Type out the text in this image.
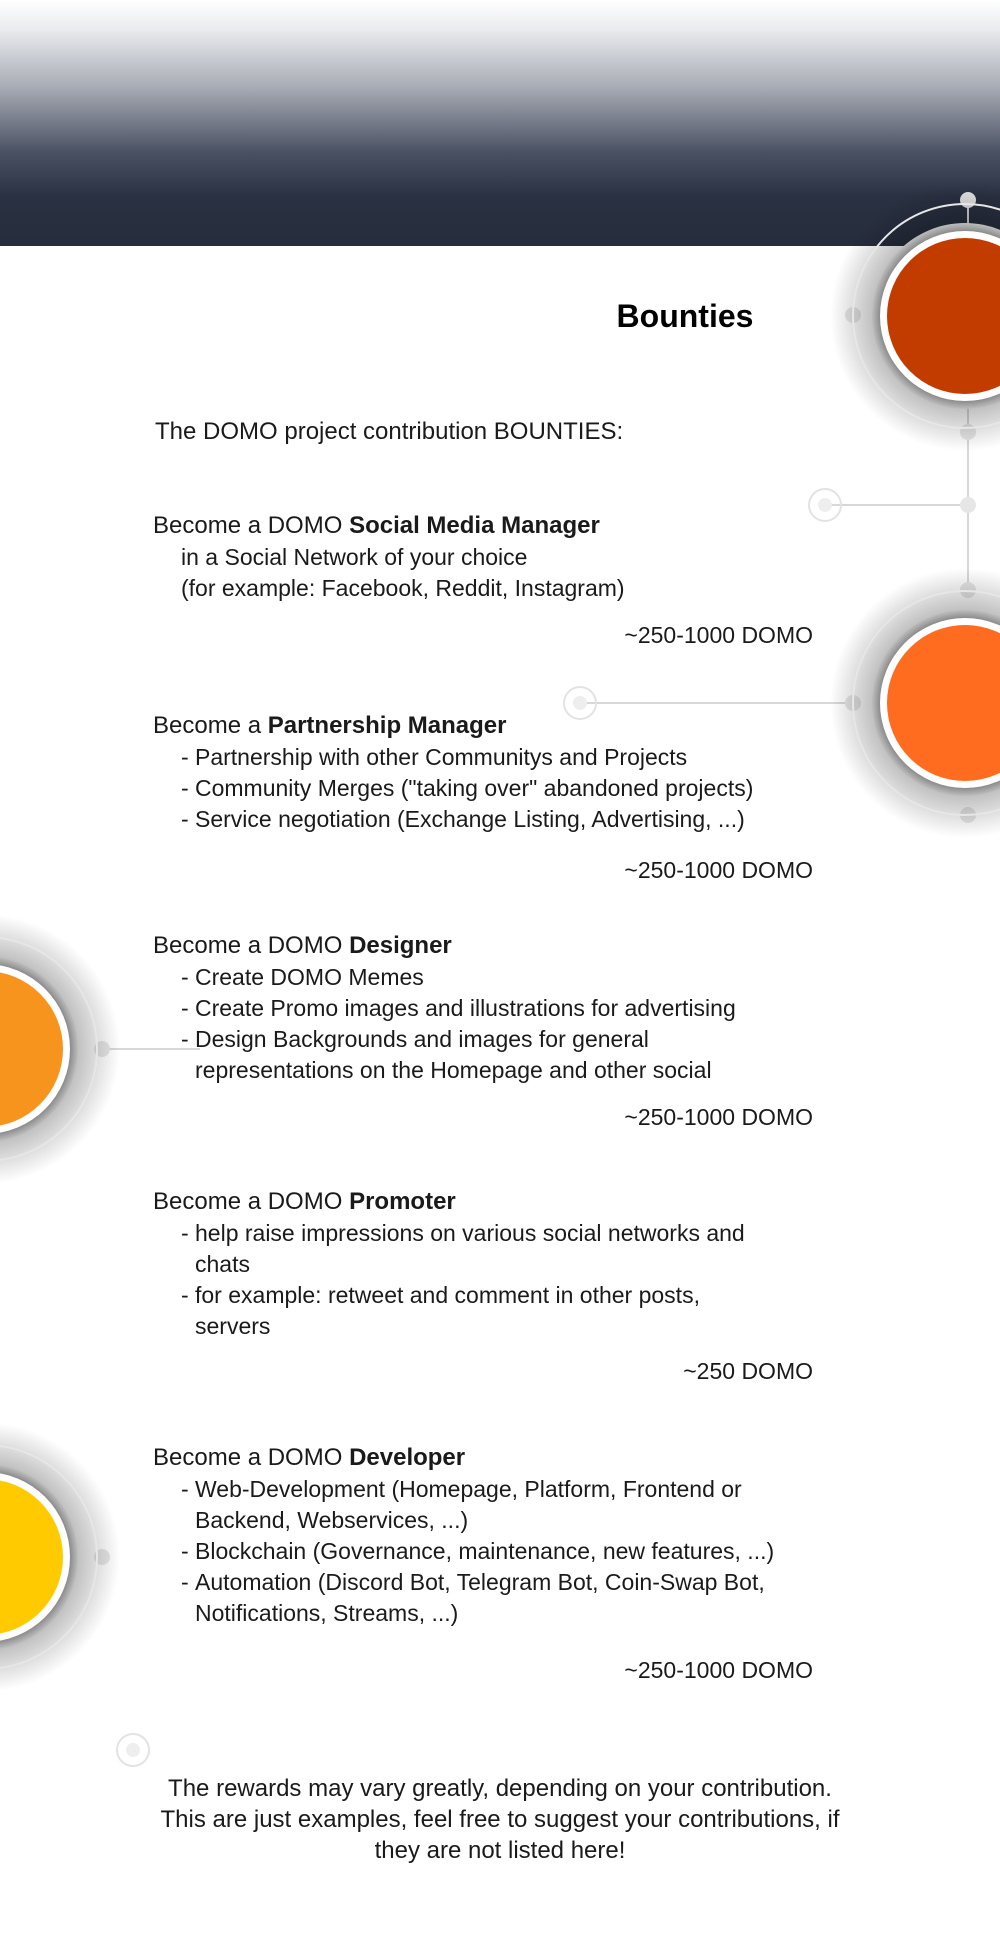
Bounties
The DOMO project contribution BOUNTIES:
Become a DOMO Social Media Manager
in a Social Network of your choice
(for example: Facebook, Reddit, Instagram)
~250-1000 DOMO
Become a Partnership Manager
- Partnership with other Communitys and Projects
- Community Merges ("taking over" abandoned projects)
- Service negotiation (Exchange Listing, Advertising, ...)
~250-1000 DOMO
Become a DOMO Designer
- Create DOMO Memes
- Create Promo images and illustrations for advertising
- Design Backgrounds and images for general representations on the Homepage and other social
~250-1000 DOMO
Become a DOMO Promoter
- help raise impressions on various social networks and chats
- for example: retweet and comment in other posts, servers
~250 DOMO
Become a DOMO Developer
- Web-Development (Homepage, Platform, Frontend or Backend, Webservices, ...)
- Blockchain (Governance, maintenance, new features, ...)
- Automation (Discord Bot, Telegram Bot, Coin-Swap Bot, Notifications, Streams, ...)
~250-1000 DOMO
The rewards may vary greatly, depending on your contribution. This are just examples, feel free to suggest your contributions, if they are not listed here!
